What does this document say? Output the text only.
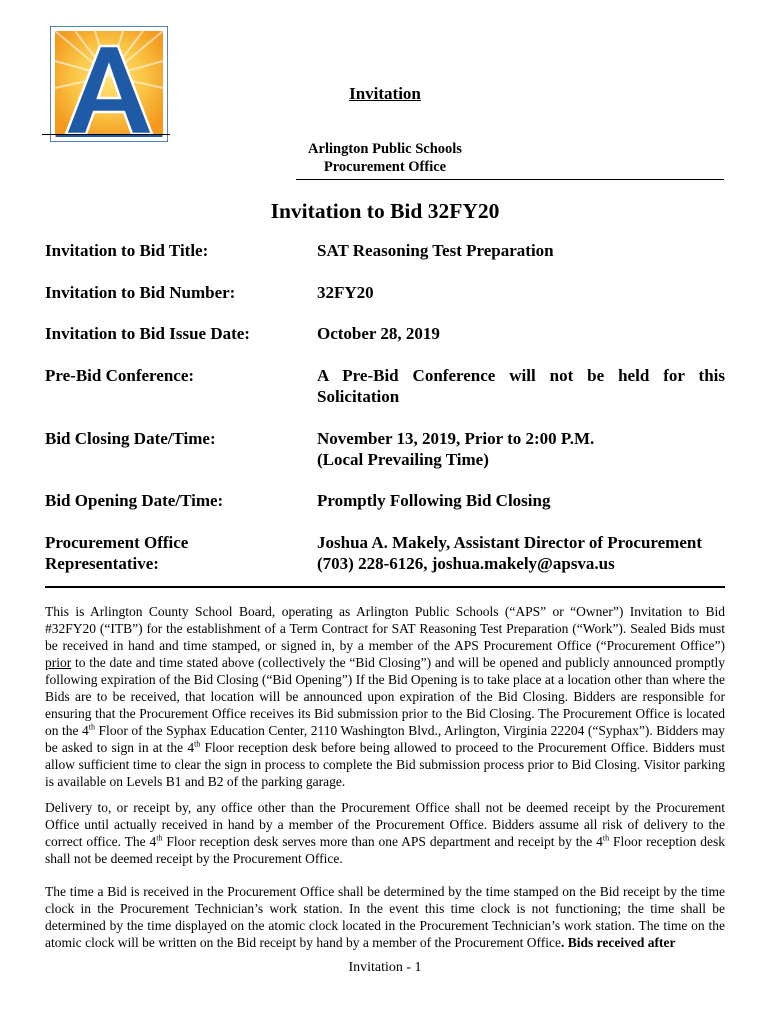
Invitation
Arlington Public Schools
Procurement Office
Invitation to Bid 32FY20
Invitation to Bid Title:	SAT Reasoning Test Preparation
Invitation to Bid Number:	32FY20
Invitation to Bid Issue Date:	October 28, 2019
Pre-Bid Conference:	A Pre-Bid Conference will not be held for this Solicitation
Bid Closing Date/Time:	November 13, 2019, Prior to 2:00 P.M.
(Local Prevailing Time)
Bid Opening Date/Time:	Promptly Following Bid Closing
Procurement Office Representative:
Joshua A. Makely, Assistant Director of Procurement
(703) 228-6126, joshua.makely@apsva.us

This is Arlington County School Board, operating as Arlington Public Schools (“APS” or “Owner”) Invitation to Bid #32FY20 (“ITB”) for the establishment of a Term Contract for SAT Reasoning Test Preparation (“Work”). Sealed Bids must be received in hand and time stamped, or signed in, by a member of the APS Procurement Office (“Procurement Office”) prior to the date and time stated above (collectively the “Bid Closing”) and will be opened and publicly announced promptly following expiration of the Bid Closing (“Bid Opening”) If the Bid Opening is to take place at a location other than where the Bids are to be received, that location will be announced upon expiration of the Bid Closing. Bidders are responsible for ensuring that the Procurement Office receives its Bid submission prior to the Bid Closing. The Procurement Office is located on the 4th Floor of the Syphax Education Center, 2110 Washington Blvd., Arlington, Virginia 22204 (“Syphax”). Bidders may be asked to sign in at the 4th Floor reception desk before being allowed to proceed to the Procurement Office. Bidders must allow sufficient time to clear the sign in process to complete the Bid submission process prior to Bid Closing. Visitor parking is available on Levels B1 and B2 of the parking garage.

Delivery to, or receipt by, any office other than the Procurement Office shall not be deemed receipt by the Procurement Office until actually received in hand by a member of the Procurement Office. Bidders assume all risk of delivery to the correct office. The 4th Floor reception desk serves more than one APS department and receipt by the 4th Floor reception desk shall not be deemed receipt by the Procurement Office.

The time a Bid is received in the Procurement Office shall be determined by the time stamped on the Bid receipt by the time clock in the Procurement Technician’s work station. In the event this time clock is not functioning; the time shall be determined by the time displayed on the atomic clock located in the Procurement Technician’s work station. The time on the atomic clock will be written on the Bid receipt by hand by a member of the Procurement Office. Bids received after

Invitation - 1
